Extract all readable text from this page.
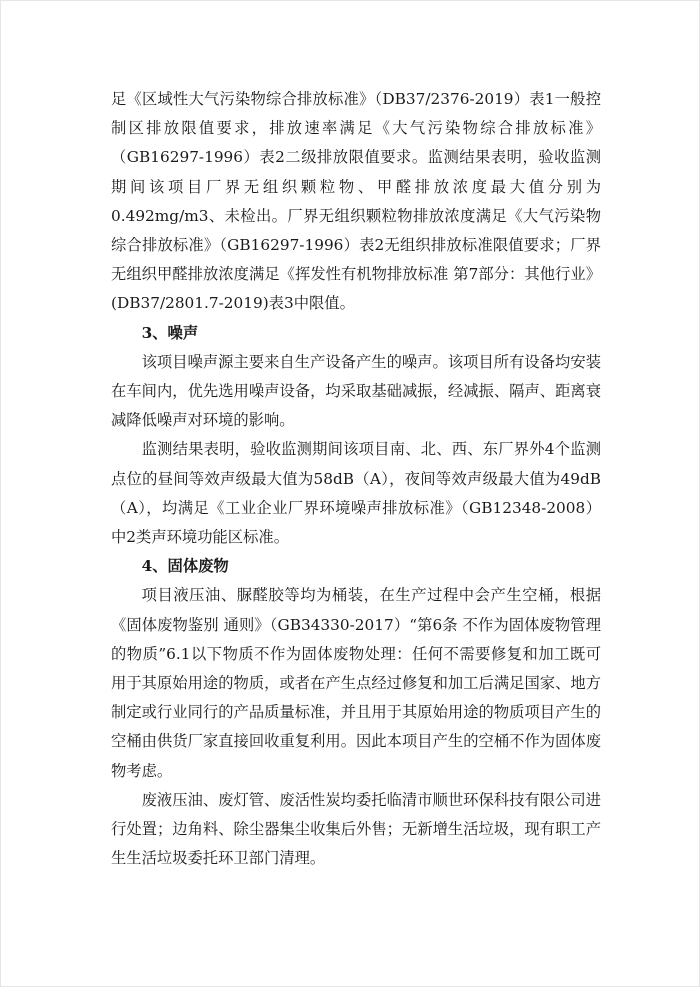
足《区域性大气污染物综合排放标准》（DB37/2376-2019）表1一般控制区排放限值要求，排放速率满足《大气污染物综合排放标准》（GB16297-1996）表2二级排放限值要求。监测结果表明，验收监测期间该项目厂界无组织颗粒物、甲醛排放浓度最大值分别为0.492mg/m3、未检出。厂界无组织颗粒物排放浓度满足《大气污染物综合排放标准》（GB16297-1996）表2无组织排放标准限值要求；厂界无组织甲醛排放浓度满足《挥发性有机物排放标准 第7部分：其他行业》(DB37/2801.7-2019)表3中限值。

3、噪声

该项目噪声源主要来自生产设备产生的噪声。该项目所有设备均安装在车间内，优先选用噪声设备，均采取基础减振，经减振、隔声、距离衰减降低噪声对环境的影响。

监测结果表明，验收监测期间该项目南、北、西、东厂界外4个监测点位的昼间等效声级最大值为58dB（A），夜间等效声级最大值为49dB（A），均满足《工业企业厂界环境噪声排放标准》（GB12348-2008）中2类声环境功能区标准。

4、固体废物

项目液压油、脲醛胶等均为桶装，在生产过程中会产生空桶，根据《固体废物鉴别 通则》（GB34330-2017）“第6条 不作为固体废物管理的物质”6.1以下物质不作为固体废物处理：任何不需要修复和加工既可用于其原始用途的物质，或者在产生点经过修复和加工后满足国家、地方制定或行业同行的产品质量标准，并且用于其原始用途的物质项目产生的空桶由供货厂家直接回收重复利用。因此本项目产生的空桶不作为固体废物考虑。

废液压油、废灯管、废活性炭均委托临清市顺世环保科技有限公司进行处置；边角料、除尘器集尘收集后外售；无新增生活垃圾，现有职工产生生活垃圾委托环卫部门清理。
